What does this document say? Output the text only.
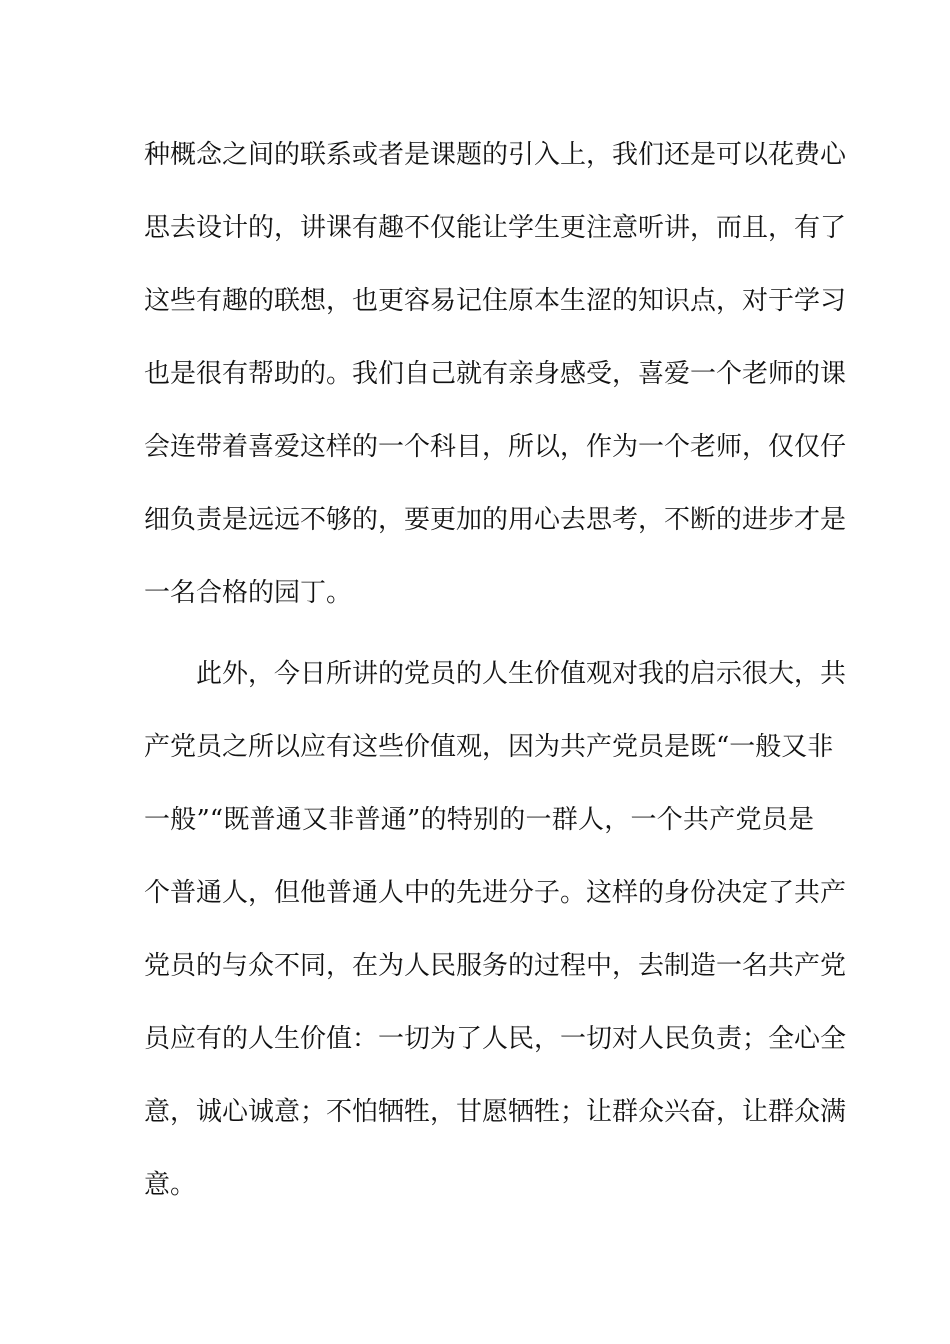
种概念之间的联系或者是课题的引入上，我们还是可以花费心
思去设计的，讲课有趣不仅能让学生更注意听讲，而且，有了
这些有趣的联想，也更容易记住原本生涩的知识点，对于学习
也是很有帮助的。我们自己就有亲身感受，喜爱一个老师的课
会连带着喜爱这样的一个科目，所以，作为一个老师，仅仅仔
细负责是远远不够的，要更加的用心去思考，不断的进步才是
一名合格的园丁。
此外，今日所讲的党员的人生价值观对我的启示很大，共
产党员之所以应有这些价值观，因为共产党员是既“一般又非
一般”“既普通又非普通”的特别的一群人，一个共产党员是
个普通人，但他普通人中的先进分子。这样的身份决定了共产
党员的与众不同，在为人民服务的过程中，去制造一名共产党
员应有的人生价值：一切为了人民，一切对人民负责；全心全
意，诚心诚意；不怕牺牲，甘愿牺牲；让群众兴奋，让群众满
意。
